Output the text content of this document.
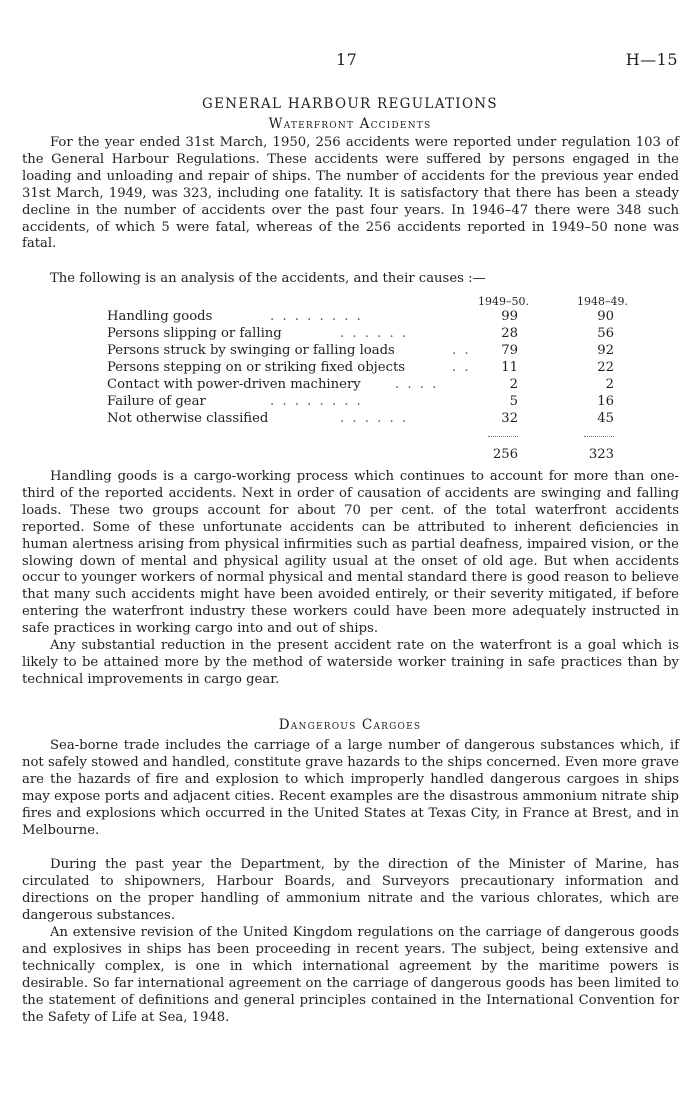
17	H—15
GENERAL HARBOUR REGULATIONS
Waterfront Accidents

For the year ended 31st March, 1950, 256 accidents were reported under regulation 103 of the General Harbour Regulations. These accidents were suffered by persons engaged in the loading and unloading and repair of ships. The number of accidents for the previous year ended 31st March, 1949, was 323, including one fatality. It is satisfactory that there has been a steady decline in the number of accidents over the past four years. In 1946–47 there were 348 such accidents, of which 5 were fatal, whereas of the 256 accidents reported in 1949–50 none was fatal.

The following is an analysis of the accidents, and their causes :—

1949–50.	1948–49.
Handling goods	. . . . . . . .	99	90
Persons slipping or falling	. . . . . .	28	56
Persons struck by swinging or falling loads	. .	79	92
Persons stepping on or striking fixed objects	. .	11	22
Contact with power-driven machinery	. . . .	2	2
Failure of gear	. . . . . . . .	5	16
Not otherwise classified	. . . . . .	32	45
256	323

Handling goods is a cargo-working process which continues to account for more than one-third of the reported accidents. Next in order of causation of accidents are swinging and falling loads. These two groups account for about 70 per cent. of the total waterfront accidents reported. Some of these unfortunate accidents can be attributed to inherent deficiencies in human alertness arising from physical infirmities such as partial deafness, impaired vision, or the slowing down of mental and physical agility usual at the onset of old age. But when accidents occur to younger workers of normal physical and mental standard there is good reason to believe that many such accidents might have been avoided entirely, or their severity mitigated, if before entering the waterfront industry these workers could have been more adequately instructed in safe practices in working cargo into and out of ships.

Any substantial reduction in the present accident rate on the waterfront is a goal which is likely to be attained more by the method of waterside worker training in safe practices than by technical improvements in cargo gear.

Dangerous Cargoes

Sea-borne trade includes the carriage of a large number of dangerous substances which, if not safely stowed and handled, constitute grave hazards to the ships concerned. Even more grave are the hazards of fire and explosion to which improperly handled dangerous cargoes in ships may expose ports and adjacent cities. Recent examples are the disastrous ammonium nitrate ship fires and explosions which occurred in the United States at Texas City, in France at Brest, and in Melbourne.

During the past year the Department, by the direction of the Minister of Marine, has circulated to shipowners, Harbour Boards, and Surveyors precautionary information and directions on the proper handling of ammonium nitrate and the various chlorates, which are dangerous substances.

An extensive revision of the United Kingdom regulations on the carriage of dangerous goods and explosives in ships has been proceeding in recent years. The subject, being extensive and technically complex, is one in which international agreement by the maritime powers is desirable. So far international agreement on the carriage of dangerous goods has been limited to the statement of definitions and general principles contained in the International Convention for the Safety of Life at Sea, 1948.
